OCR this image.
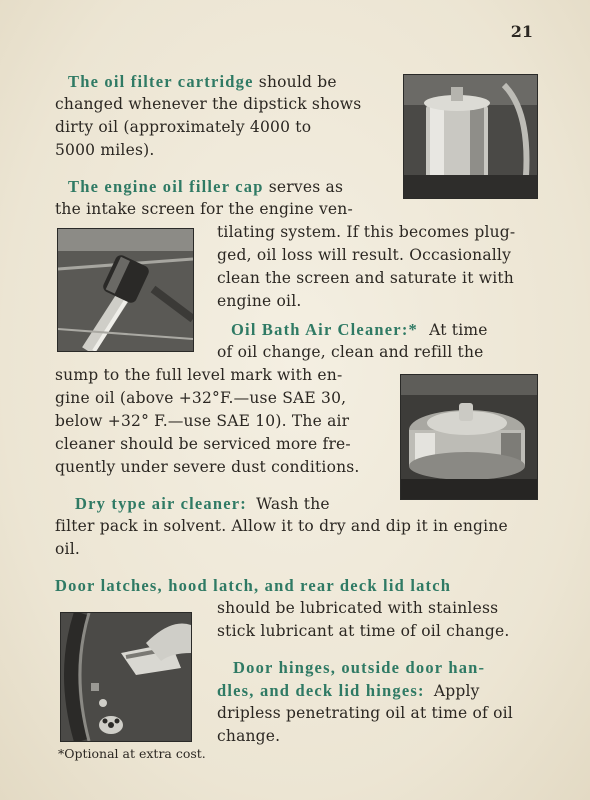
21
The oil filter cartridge should be
changed whenever the dipstick shows
dirty oil (approximately 4000 to
5000 miles).
The engine oil filler cap serves as
the intake screen for the engine ven-
tilating system. If this becomes plug-
ged, oil loss will result. Occasionally
clean the screen and saturate it with
engine oil.
Oil Bath Air Cleaner:* At time
of oil change, clean and refill the
sump to the full level mark with en-
gine oil (above +32°F.—use SAE 30,
below +32° F.—use SAE 10). The air
cleaner should be serviced more fre-
quently under severe dust conditions.
Dry type air cleaner: Wash the
filter pack in solvent. Allow it to dry and dip it in engine
oil.
Door latches, hood latch, and rear deck lid latch
should be lubricated with stainless
stick lubricant at time of oil change.
Door hinges, outside door han-
dles, and deck lid hinges: Apply
dripless penetrating oil at time of oil
change.
*Optional at extra cost.
